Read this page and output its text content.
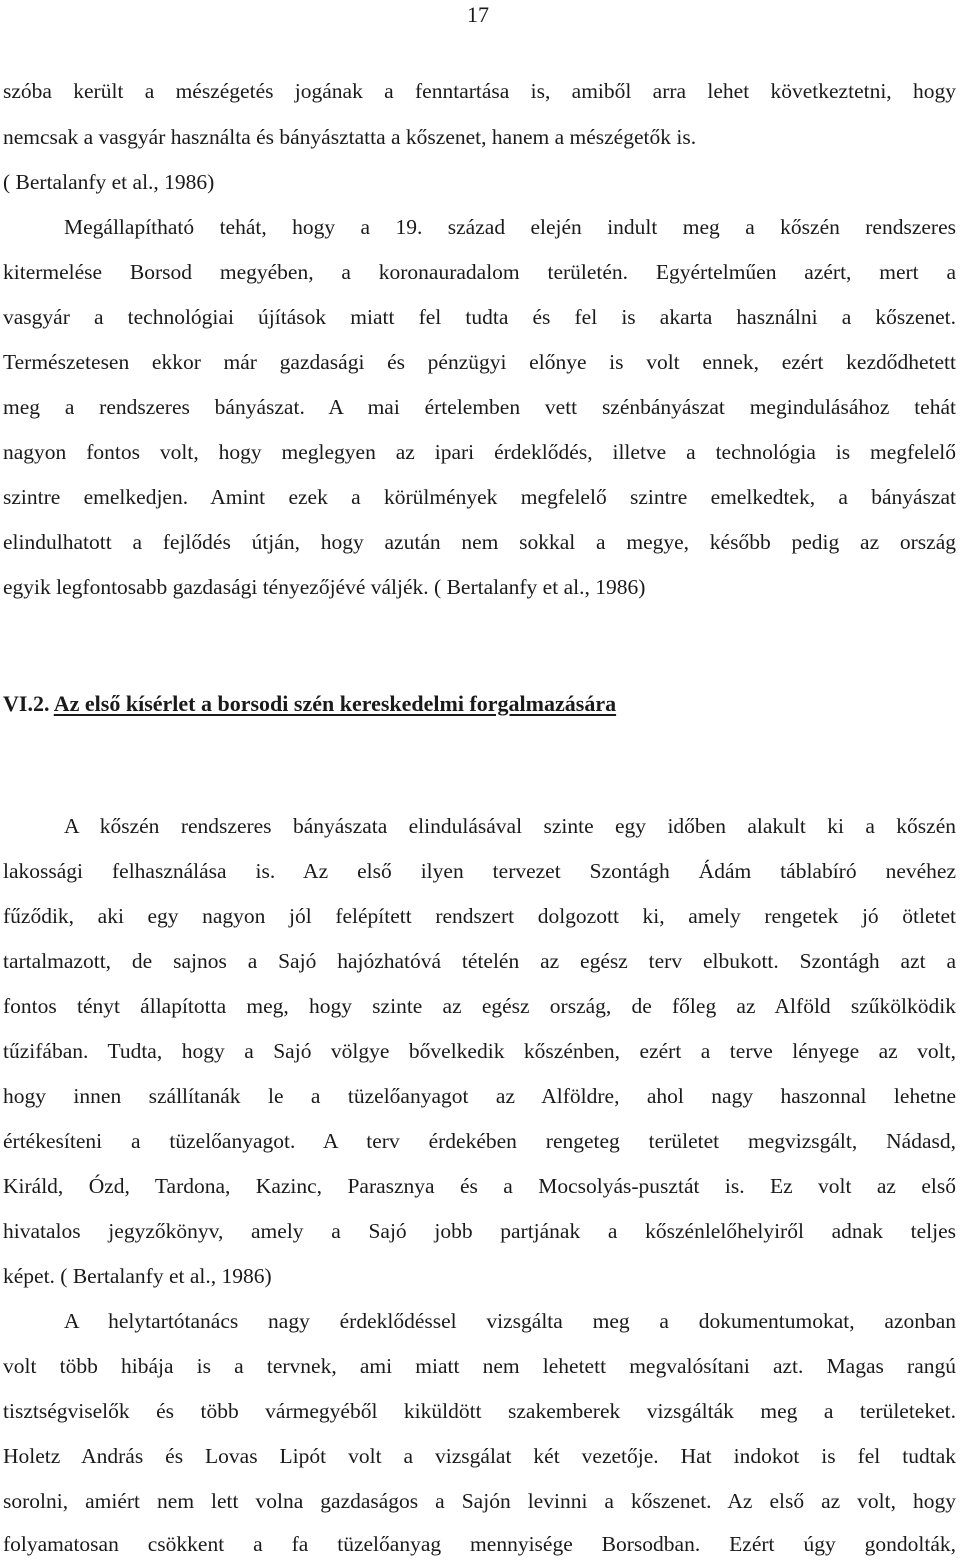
17
szóba került a mészégetés jogának a fenntartása is, amiből arra lehet következtetni, hogy
nemcsak a vasgyár használta és bányásztatta a kőszenet, hanem a mészégetők is.
( Bertalanfy et al., 1986)
Megállapítható tehát, hogy a 19. század elején indult meg a kőszén rendszeres
kitermelése Borsod megyében, a koronauradalom területén. Egyértelműen azért, mert a
vasgyár a technológiai újítások miatt fel tudta és fel is akarta használni a kőszenet.
Természetesen ekkor már gazdasági és pénzügyi előnye is volt ennek, ezért kezdődhetett
meg a rendszeres bányászat. A mai értelemben vett szénbányászat megindulásához tehát
nagyon fontos volt, hogy meglegyen az ipari érdeklődés, illetve a technológia is megfelelő
szintre emelkedjen. Amint ezek a körülmények megfelelő szintre emelkedtek, a bányászat
elindulhatott a fejlődés útján, hogy azután nem sokkal a megye, később pedig az ország
egyik legfontosabb gazdasági tényezőjévé váljék. ( Bertalanfy et al., 1986)
VI.2. Az első kísérlet a borsodi szén kereskedelmi forgalmazására
A kőszén rendszeres bányászata elindulásával szinte egy időben alakult ki a kőszén
lakossági felhasználása is. Az első ilyen tervezet Szontágh Ádám táblabíró nevéhez
fűződik, aki egy nagyon jól felépített rendszert dolgozott ki, amely rengetek jó ötletet
tartalmazott, de sajnos a Sajó hajózhatóvá tételén az egész terv elbukott. Szontágh azt a
fontos tényt állapította meg, hogy szinte az egész ország, de főleg az Alföld szűkölködik
tűzifában. Tudta, hogy a Sajó völgye bővelkedik kőszénben, ezért a terve lényege az volt,
hogy innen szállítanák le a tüzelőanyagot az Alföldre, ahol nagy haszonnal lehetne
értékesíteni a tüzelőanyagot. A terv érdekében rengeteg területet megvizsgált, Nádasd,
Királd, Ózd, Tardona, Kazinc, Parasznya és a Mocsolyás-pusztát is. Ez volt az első
hivatalos jegyzőkönyv, amely a Sajó jobb partjának a kőszénlelőhelyiről adnak teljes
képet. ( Bertalanfy et al., 1986)
A helytartótanács nagy érdeklődéssel vizsgálta meg a dokumentumokat, azonban
volt több hibája is a tervnek, ami miatt nem lehetett megvalósítani azt. Magas rangú
tisztségviselők és több vármegyéből kiküldött szakemberek vizsgálták meg a területeket.
Holetz András és Lovas Lipót volt a vizsgálat két vezetője. Hat indokot is fel tudtak
sorolni, amiért nem lett volna gazdaságos a Sajón levinni a kőszenet. Az első az volt, hogy
folyamatosan csökkent a fa tüzelőanyag mennyisége Borsodban. Ezért úgy gondolták,
